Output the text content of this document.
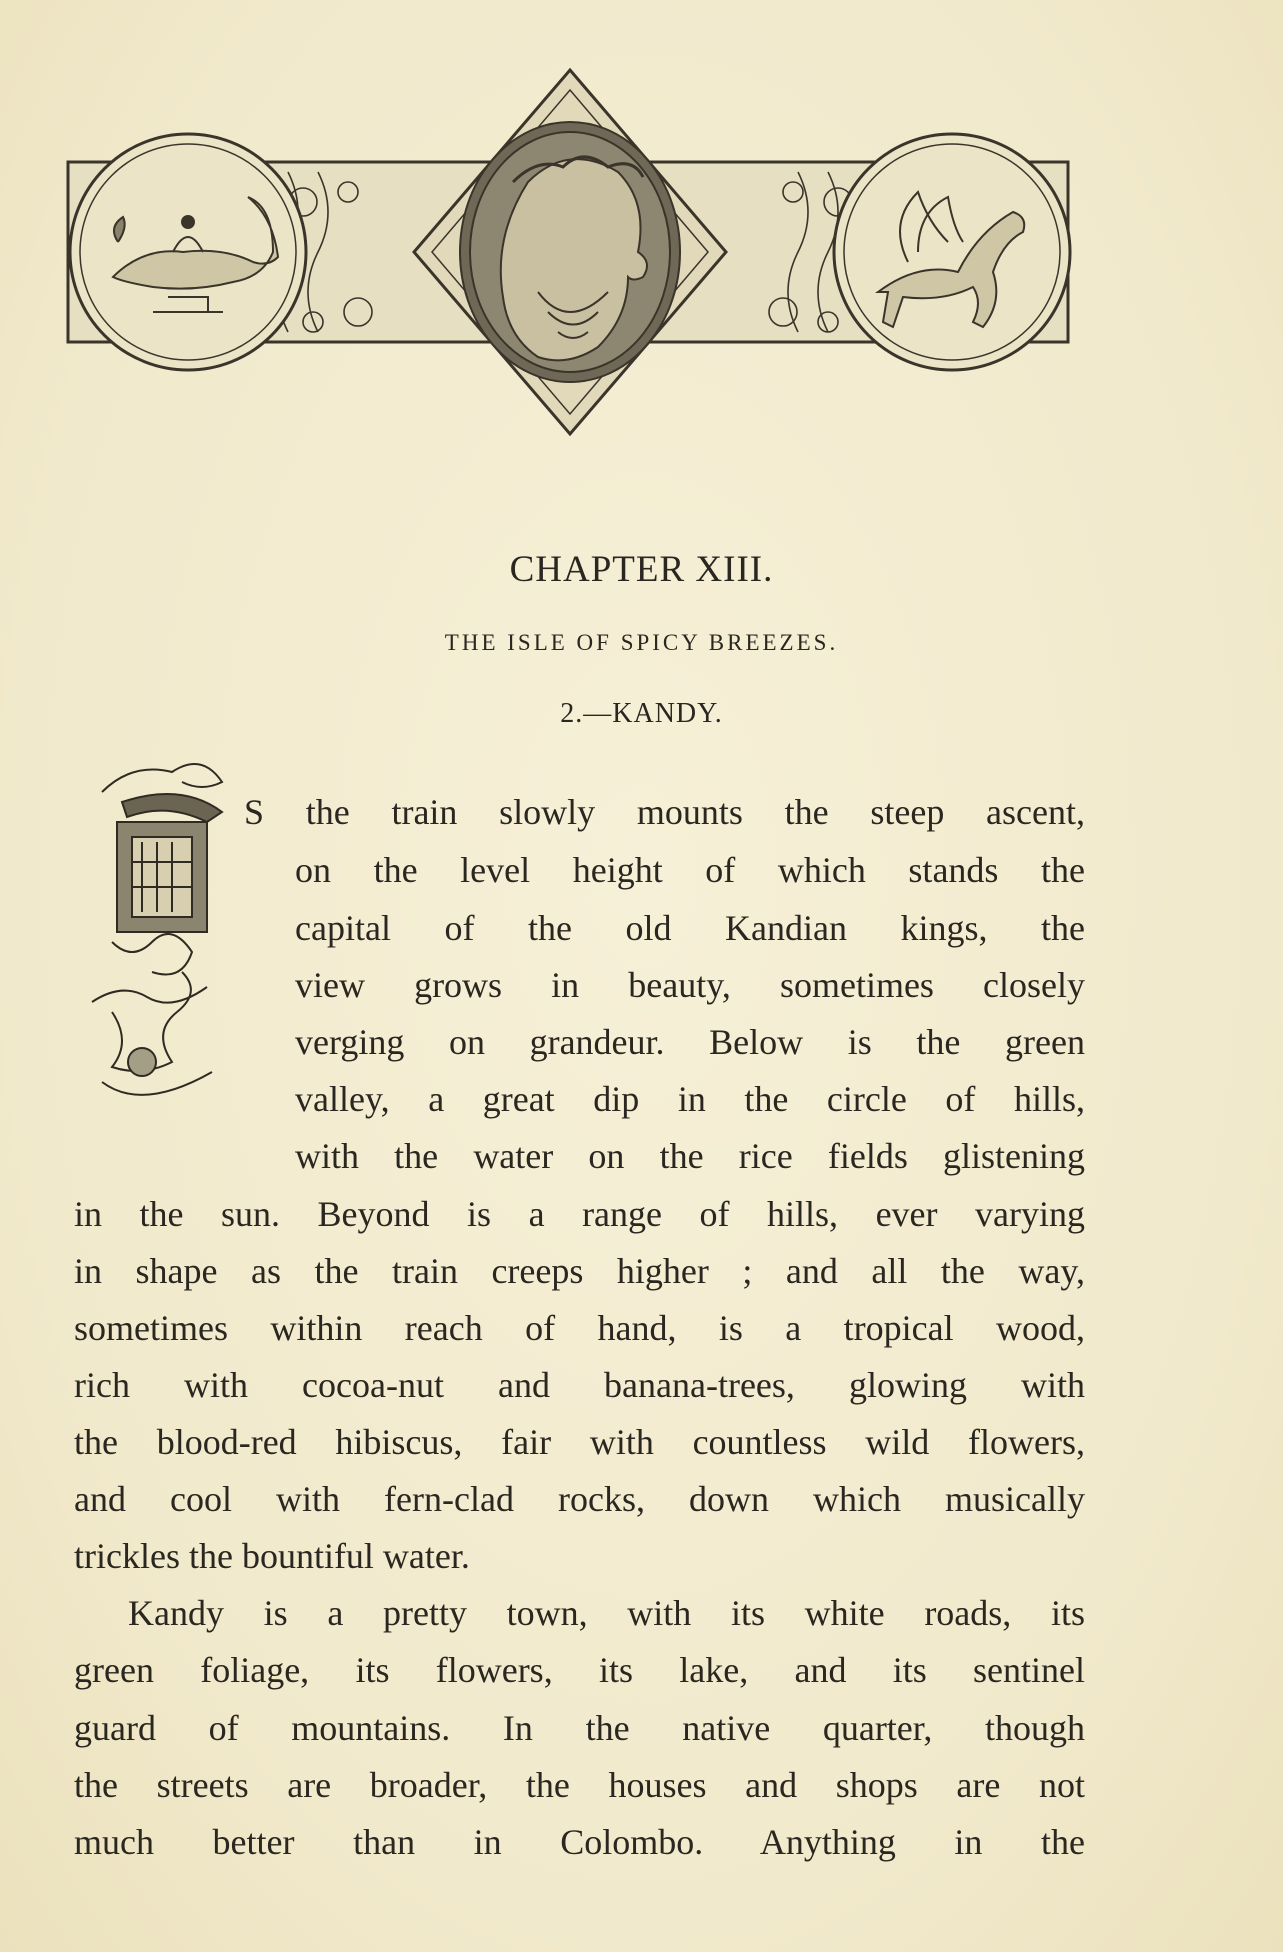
CHAPTER XIII.
THE ISLE OF SPICY BREEZES.
2.—KANDY.
S the train slowly mounts the steep ascent,
on the level height of which stands the
capital of the old Kandian kings, the
view grows in beauty, sometimes closely
verging on grandeur. Below is the green
valley, a great dip in the circle of hills,
with the water on the rice fields glistening
in the sun. Beyond is a range of hills, ever varying
in shape as the train creeps higher ; and all the way,
sometimes within reach of hand, is a tropical wood,
rich with cocoa-nut and banana-trees, glowing with
the blood-red hibiscus, fair with countless wild flowers,
and cool with fern-clad rocks, down which musically
trickles the bountiful water.
Kandy is a pretty town, with its white roads, its
green foliage, its flowers, its lake, and its sentinel
guard of mountains. In the native quarter, though
the streets are broader, the houses and shops are not
much better than in Colombo. Anything in the
